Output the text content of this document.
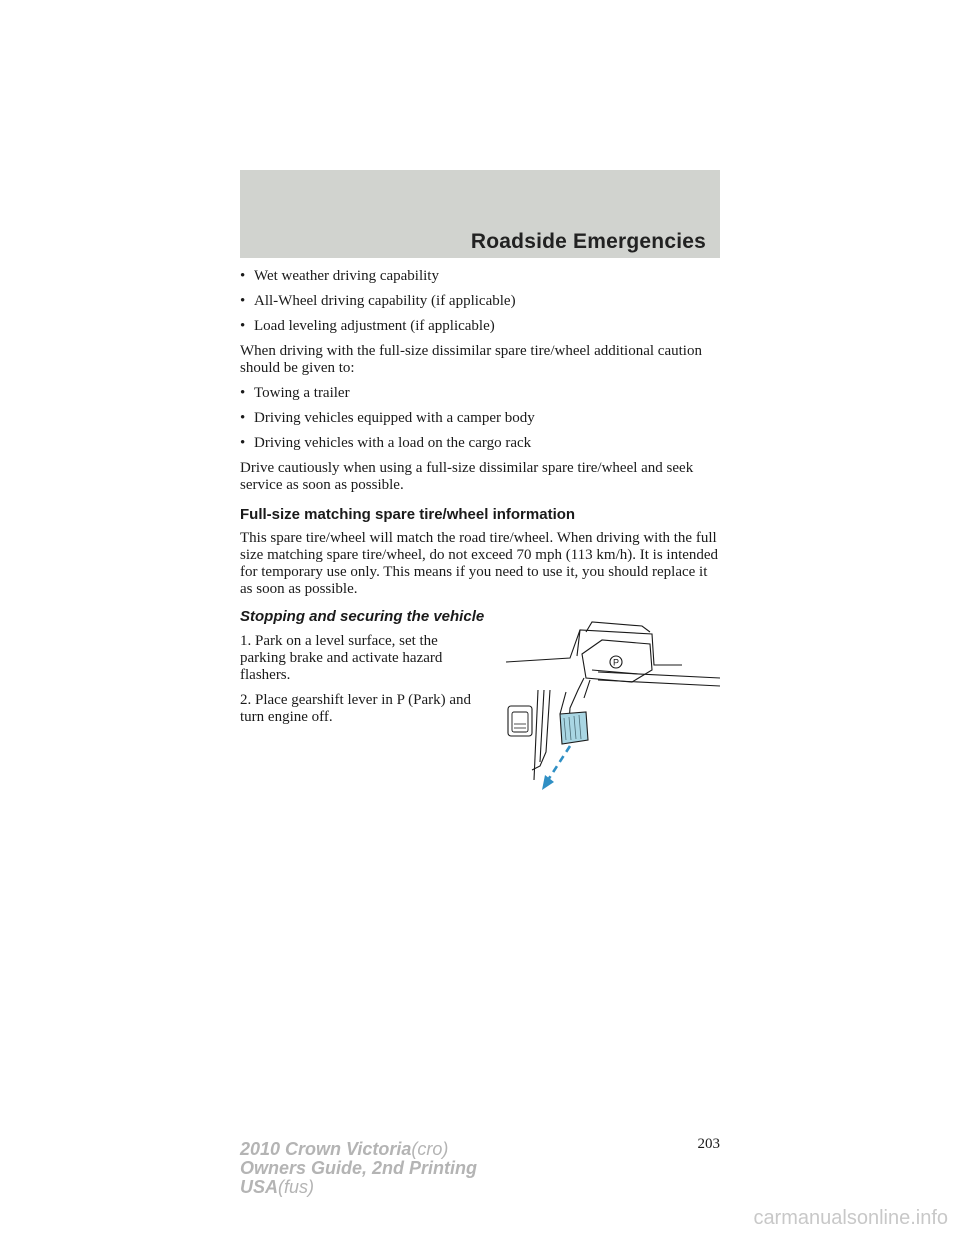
Roadside Emergencies
• Wet weather driving capability
• All-Wheel driving capability (if applicable)
• Load leveling adjustment (if applicable)

When driving with the full-size dissimilar spare tire/wheel additional caution should be given to:

• Towing a trailer
• Driving vehicles equipped with a camper body
• Driving vehicles with a load on the cargo rack

Drive cautiously when using a full-size dissimilar spare tire/wheel and seek service as soon as possible.

Full-size matching spare tire/wheel information

This spare tire/wheel will match the road tire/wheel. When driving with the full size matching spare tire/wheel, do not exceed 70 mph (113 km/h). It is intended for temporary use only. This means if you need to use it, you should replace it as soon as possible.

Stopping and securing the vehicle

1. Park on a level surface, set the parking brake and activate hazard flashers.

2. Place gearshift lever in P (Park) and turn engine off.

P
203
2010 Crown Victoria(cro)
Owners Guide, 2nd Printing
USA(fus)
carmanualsonline.info
